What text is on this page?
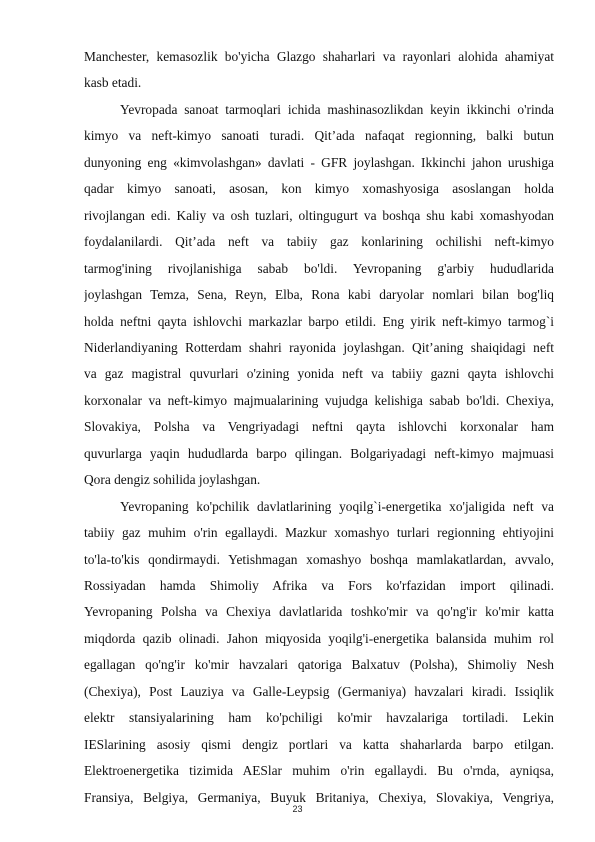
Manchester, kemasozlik bo'yicha Glazgo shaharlari va rayonlari alohida ahamiyat
kasb etadi.
Yevropada sanoat tarmoqlari ichida mashinasozlikdan keyin ikkinchi o'rinda
kimyo va neft-kimyo sanoati turadi. Qit’ada nafaqat regionning, balki butun
dunyoning eng «kimvolashgan» davlati - GFR joylashgan. Ikkinchi jahon urushiga
qadar kimyo sanoati, asosan, kon kimyo xomashyosiga asoslangan holda
rivojlangan edi. Kaliy va osh tuzlari, oltingugurt va boshqa shu kabi xomashyodan
foydalanilardi. Qit’ada neft va tabiiy gaz konlarining ochilishi neft-kimyo
tarmog'ining rivojlanishiga sabab bo'ldi. Yevropaning g'arbiy hududlarida
joylashgan Temza, Sena, Reyn, Elba, Rona kabi daryolar nomlari bilan bog'liq
holda neftni qayta ishlovchi markazlar barpo etildi. Eng yirik neft-kimyo tarmog`i
Niderlandiyaning Rotterdam shahri rayonida joylashgan. Qit’aning shaiqidagi neft
va gaz magistral quvurlari o'zining yonida neft va tabiiy gazni qayta ishlovchi
korxonalar va neft-kimyo majmualarining vujudga kelishiga sabab bo'ldi. Chexiya,
Slovakiya, Polsha va Vengriyadagi neftni qayta ishlovchi korxonalar ham
quvurlarga yaqin hududlarda barpo qilingan. Bolgariyadagi neft-kimyo majmuasi
Qora dengiz sohilida joylashgan.
Yevropaning ko'pchilik davlatlarining yoqilg`i-energetika xo'jaligida neft va
tabiiy gaz muhim o'rin egallaydi. Mazkur xomashyo turlari regionning ehtiyojini
to'la-to'kis qondirmaydi. Yetishmagan xomashyo boshqa mamlakatlardan, avvalo,
Rossiyadan hamda Shimoliy Afrika va Fors ko'rfazidan import qilinadi.
Yevropaning Polsha va Chexiya davlatlarida toshko'mir va qo'ng'ir ko'mir katta
miqdorda qazib olinadi. Jahon miqyosida yoqilg'i-energetika balansida muhim rol
egallagan qo'ng'ir ko'mir havzalari qatoriga Balxatuv (Polsha), Shimoliy Nesh
(Chexiya), Post Lauziya va Galle-Leypsig (Germaniya) havzalari kiradi. Issiqlik
elektr stansiyalarining ham ko'pchiligi ko'mir havzalariga tortiladi. Lekin
IESlarining asosiy qismi dengiz portlari va katta shaharlarda barpo etilgan.
Elektroenergetika tizimida AESlar muhim o'rin egallaydi. Bu o'rnda, ayniqsa,
Fransiya, Belgiya, Germaniya, Buyuk Britaniya, Chexiya, Slovakiya, Vengriya,
23
